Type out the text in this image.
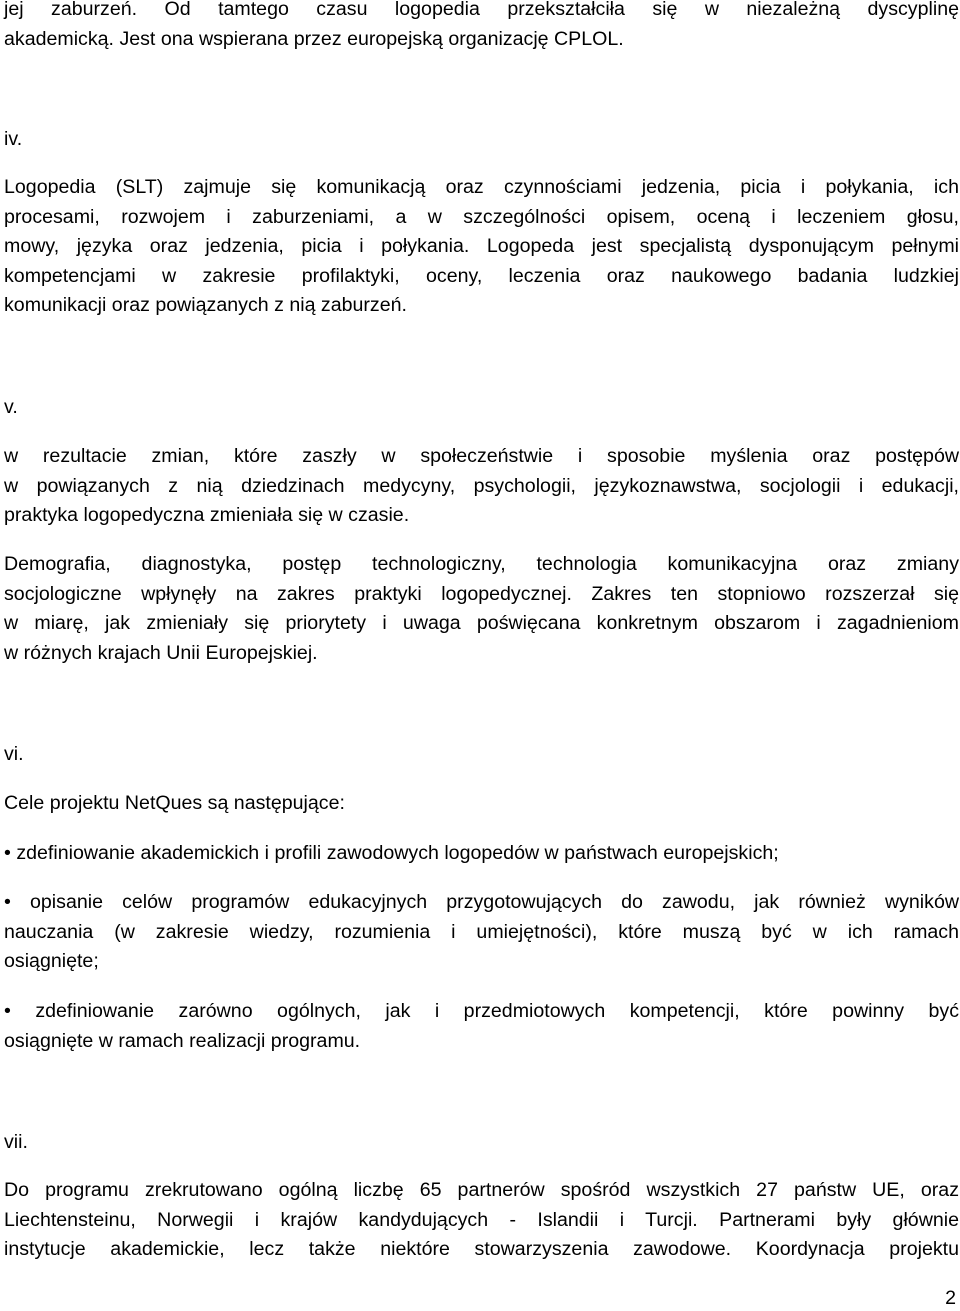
jej zaburzeń. Od tamtego czasu logopedia przekształciła się w niezależną dyscyplinę
akademicką. Jest ona wspierana przez europejską organizację CPLOL.
iv.
Logopedia (SLT) zajmuje się komunikacją oraz czynnościami jedzenia, picia i połykania, ich
procesami, rozwojem i zaburzeniami, a w szczególności opisem, oceną i leczeniem głosu,
mowy, języka oraz jedzenia, picia i połykania. Logopeda jest specjalistą dysponującym pełnymi
kompetencjami w zakresie profilaktyki, oceny, leczenia oraz naukowego badania ludzkiej
komunikacji oraz powiązanych z nią zaburzeń.
v.
w rezultacie zmian, które zaszły w społeczeństwie i sposobie myślenia oraz postępów
w powiązanych z nią dziedzinach medycyny, psychologii, językoznawstwa, socjologii i edukacji,
praktyka logopedyczna zmieniała się w czasie.
Demografia, diagnostyka, postęp technologiczny, technologia komunikacyjna oraz zmiany
socjologiczne wpłynęły na zakres praktyki logopedycznej. Zakres ten stopniowo rozszerzał się
w miarę, jak zmieniały się priorytety i uwaga poświęcana konkretnym obszarom i zagadnieniom
w różnych krajach Unii Europejskiej.
vi.
Cele projektu NetQues są następujące:
• zdefiniowanie akademickich i profili zawodowych logopedów w państwach europejskich;
• opisanie celów programów edukacyjnych przygotowujących do zawodu, jak również wyników
nauczania (w zakresie wiedzy, rozumienia i umiejętności), które muszą być w ich ramach
osiągnięte;
• zdefiniowanie zarówno ogólnych, jak i przedmiotowych kompetencji, które powinny być
osiągnięte w ramach realizacji programu.
vii.
Do programu zrekrutowano ogólną liczbę 65 partnerów spośród wszystkich 27 państw UE, oraz
Liechtensteinu, Norwegii i krajów kandydujących - Islandii i Turcji. Partnerami były głównie
instytucje akademickie, lecz także niektóre stowarzyszenia zawodowe. Koordynacja projektu
2
